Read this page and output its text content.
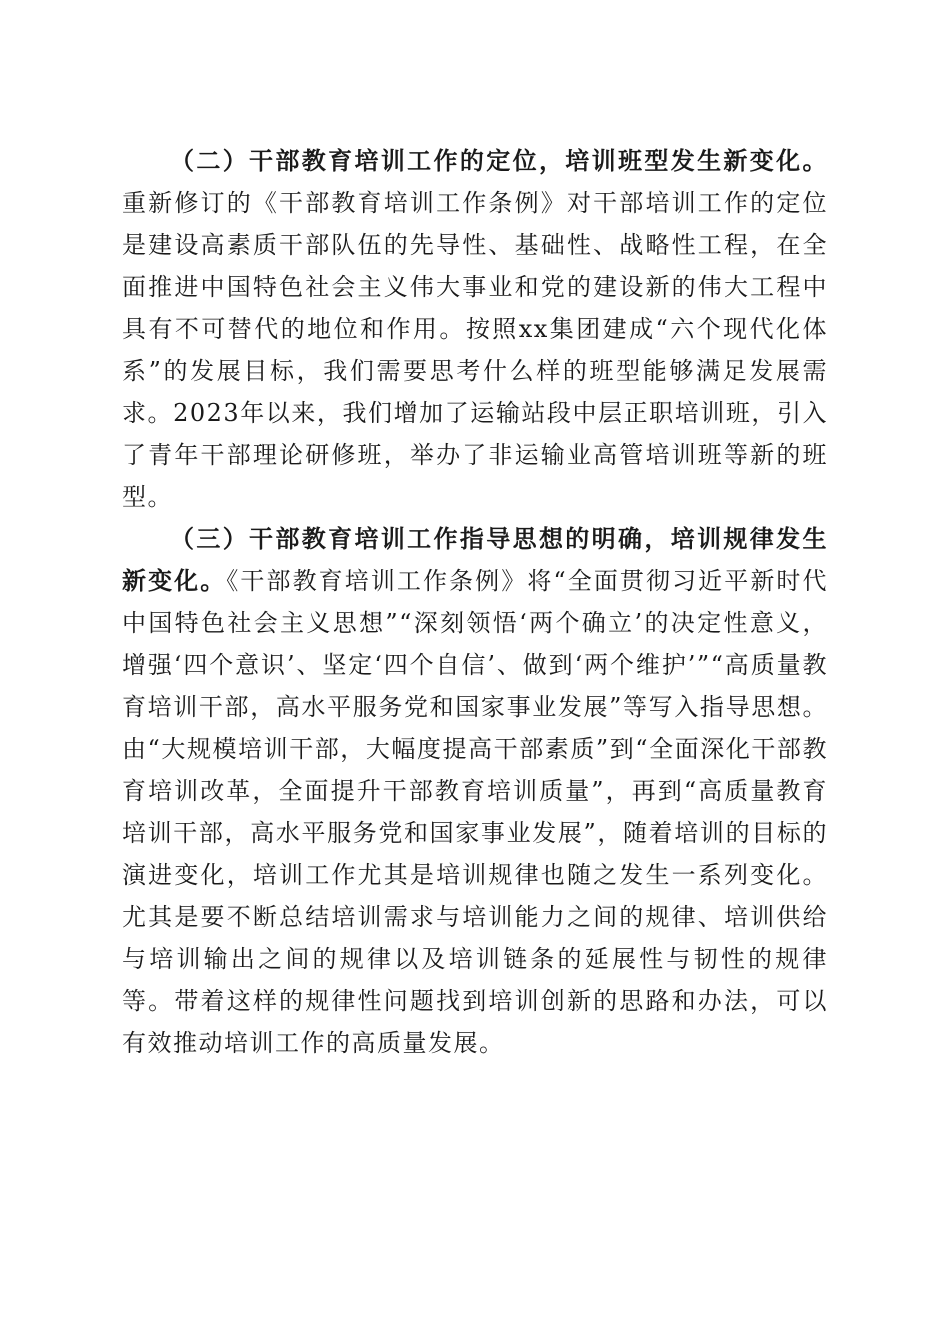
（二）干部教育培训工作的定位，培训班型发生新变化。重新修订的《干部教育培训工作条例》对干部培训工作的定位是建设高素质干部队伍的先导性、基础性、战略性工程，在全面推进中国特色社会主义伟大事业和党的建设新的伟大工程中具有不可替代的地位和作用。按照xx集团建成“六个现代化体系”的发展目标，我们需要思考什么样的班型能够满足发展需求。2023年以来，我们增加了运输站段中层正职培训班，引入了青年干部理论研修班，举办了非运输业高管培训班等新的班型。

（三）干部教育培训工作指导思想的明确，培训规律发生新变化。《干部教育培训工作条例》将“全面贯彻习近平新时代中国特色社会主义思想”“深刻领悟‘两个确立’的决定性意义，增强‘四个意识’、坚定‘四个自信’、做到‘两个维护’”“高质量教育培训干部，高水平服务党和国家事业发展”等写入指导思想。由“大规模培训干部，大幅度提高干部素质”到“全面深化干部教育培训改革，全面提升干部教育培训质量”，再到“高质量教育培训干部，高水平服务党和国家事业发展”，随着培训的目标的演进变化，培训工作尤其是培训规律也随之发生一系列变化。尤其是要不断总结培训需求与培训能力之间的规律、培训供给与培训输出之间的规律以及培训链条的延展性与韧性的规律等。带着这样的规律性问题找到培训创新的思路和办法，可以有效推动培训工作的高质量发展。
